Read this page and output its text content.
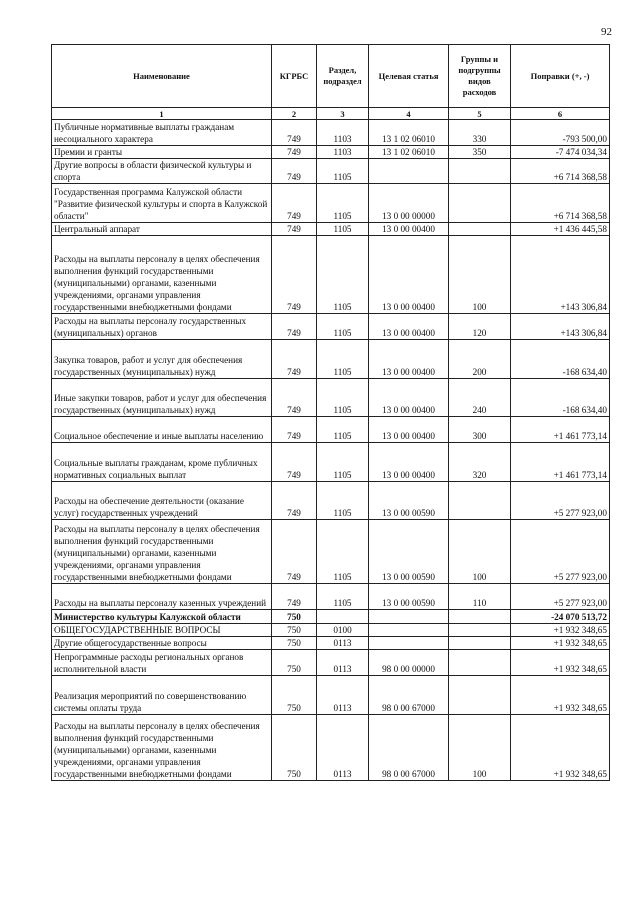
92
Наименование	КГРБС	Раздел, подраздел	Целевая статья	Группы и подгруппы видов расходов	Поправки (+, -)
1	2	3	4	5	6
Публичные нормативные выплаты гражданам несоциального характера	749	1103	13 1 02 06010	330	-793 500,00
Премии и гранты	749	1103	13 1 02 06010	350	-7 474 034,34
Другие вопросы в области физической культуры и спорта	749	1105			+6 714 368,58
Государственная программа Калужской области "Развитие физической культуры и спорта в Калужской области"	749	1105	13 0 00 00000		+6 714 368,58
Центральный аппарат	749	1105	13 0 00 00400		+1 436 445,58
Расходы на выплаты персоналу в целях обеспечения выполнения функций государственными (муниципальными) органами, казенными учреждениями, органами управления государственными внебюджетными фондами	749	1105	13 0 00 00400	100	+143 306,84
Расходы на выплаты персоналу государственных (муниципальных) органов	749	1105	13 0 00 00400	120	+143 306,84
Закупка товаров, работ и услуг для обеспечения государственных (муниципальных) нужд	749	1105	13 0 00 00400	200	-168 634,40
Иные закупки товаров, работ и услуг для обеспечения государственных (муниципальных) нужд	749	1105	13 0 00 00400	240	-168 634,40
Социальное обеспечение и иные выплаты населению	749	1105	13 0 00 00400	300	+1 461 773,14
Социальные выплаты гражданам, кроме публичных нормативных социальных выплат	749	1105	13 0 00 00400	320	+1 461 773,14
Расходы на обеспечение деятельности (оказание услуг) государственных учреждений	749	1105	13 0 00 00590		+5 277 923,00
Расходы на выплаты персоналу в целях обеспечения выполнения функций государственными (муниципальными) органами, казенными учреждениями, органами управления государственными внебюджетными фондами	749	1105	13 0 00 00590	100	+5 277 923,00
Расходы на выплаты персоналу казенных учреждений	749	1105	13 0 00 00590	110	+5 277 923,00
Министерство культуры Калужской области	750				-24 070 513,72
ОБЩЕГОСУДАРСТВЕННЫЕ ВОПРОСЫ	750	0100			+1 932 348,65
Другие общегосударственные вопросы	750	0113			+1 932 348,65
Непрограммные расходы региональных органов исполнительной власти	750	0113	98 0 00 00000		+1 932 348,65
Реализация мероприятий по совершенствованию системы оплаты труда	750	0113	98 0 00 67000		+1 932 348,65
Расходы на выплаты персоналу в целях обеспечения выполнения функций государственными (муниципальными) органами, казенными учреждениями, органами управления государственными внебюджетными фондами	750	0113	98 0 00 67000	100	+1 932 348,65
